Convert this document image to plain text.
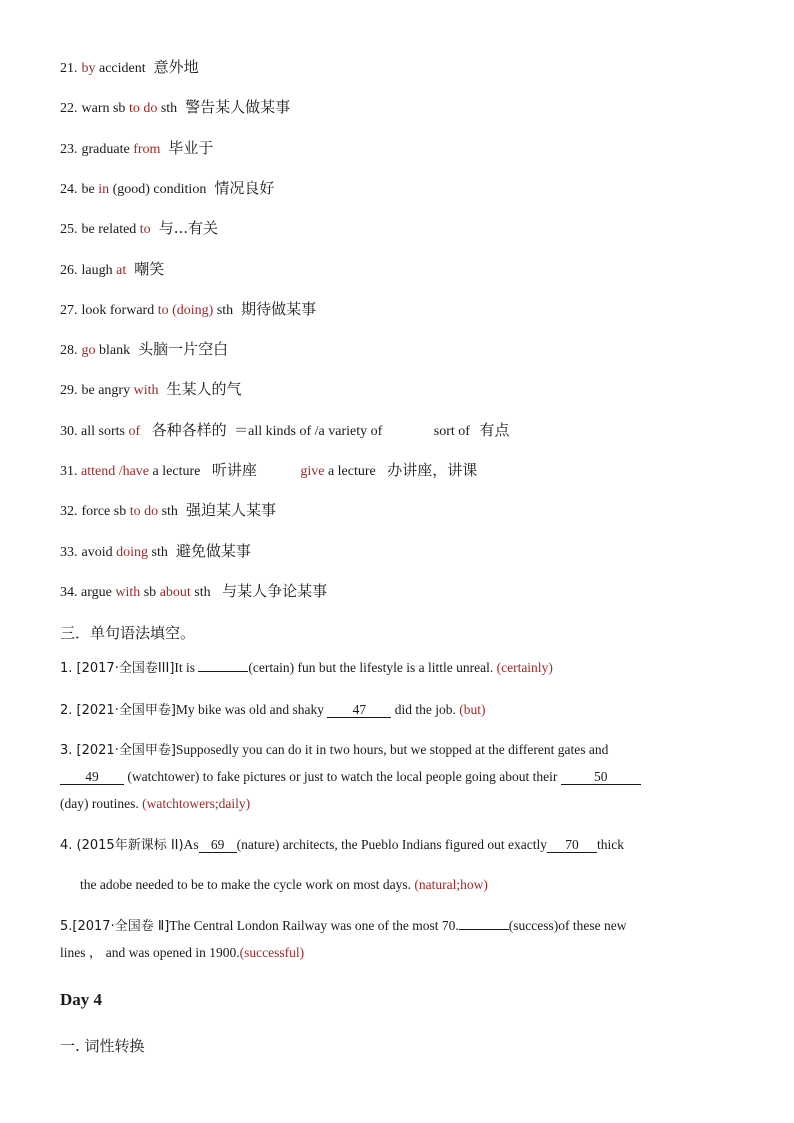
21. by accident 意外地
22. warn sb to do sth 警告某人做某事
23. graduate from 毕业于
24. be in (good) condition 情况良好
25. be related to 与...有关
26. laugh at 嘲笑
27. look forward to (doing) sth 期待做某事
28. go blank 头脑一片空白
29. be angry with 生某人的气
30. all sorts of 各种各样的 ＝all kinds of /a variety of	sort of 有点
31. attend /have a lecture 听讲座	give a lecture 办讲座，讲课
32. force sb to do sth 强迫某人某事
33. avoid doing sth 避免做某事
34. argue with sb about sth 与某人争论某事
三．单句语法填空。
1. [2017·全国卷III]It is	(certain) fun but the lifestyle is a little unreal. (certainly)
2. [2021·全国甲卷]My bike was old and shaky 47 did the job. (but)
3. [2021·全国甲卷]Supposedly you can do it in two hours, but we stopped at the different gates and
49 (watchtower) to fake pictures or just to watch the local people going about their 50
(day) routines. (watchtowers;daily)
4. (2015年新课标 II)As 69 (nature) architects, the Pueblo Indians figured out exactly 70 thick
the adobe needed to be to make the cycle work on most days. (natural;how)
5.[2017·全国卷 Ⅱ]The Central London Railway was one of the most 70.	(success)of these new
lines ， and was opened in 1900.(successful)
Day 4
一. 词性转换
